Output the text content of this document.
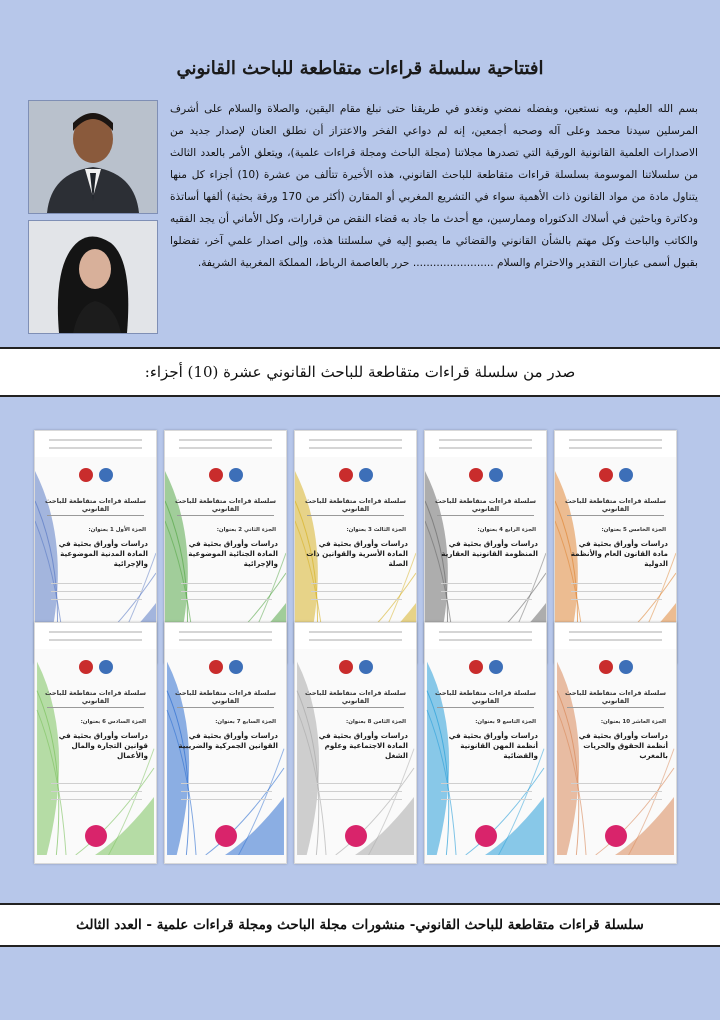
افتتاحية سلسلة قراءات متقاطعة للباحث القانوني
بسم الله العليم، وبه نستعين، وبفضله نمضي ونغدو في طريقنا حتى نبلغ مقام اليقين، والصلاة والسلام على أشرف المرسلين سيدنا محمد وعلى آله وصحبه أجمعين، إنه لم دواعي الفخر والاعتزاز أن نطلق العنان لإصدار جديد من الاصدارات العلمية القانونية الورقية التي تصدرها مجلاتنا (مجلة الباحث ومجلة قراءات علمية)، ويتعلق الأمر بالعدد الثالث من سلسلاتنا الموسومة بسلسلة قراءات متقاطعة للباحث القانوني، هذه الأخيرة تتألف من عشرة (10) أجزاء كل منها يتناول مادة من مواد القانون ذات الأهمية سواء في التشريع المغربي أو المقارن (أكثر من 170 ورقة بحثية) ألفها أساتذة ودكاترة وباحثين في أسلاك الدكتوراه وممارسين، مع أحدث ما جاد به قضاء النقض من قرارات، وكل الأماني أن يجد الفقيه والكاتب والباحث وكل مهتم بالشأن القانوني والقضائي ما يصبو إليه في سلسلتنا هذه، وإلى اصدار علمي آخر، تفضلوا بقبول أسمى عبارات التقدير والاحترام والسلام ........................ حرر بالعاصمة الرباط، المملكة المغربية الشريفة.
صدر من سلسلة قراءات متقاطعة للباحث القانوني عشرة (10) أجزاء:
سلسلة قراءات متقاطعة للباحث القانوني
الجزء الخامس 5 بعنوان:
دراسات وأوراق بحثية في مادة القانون العام والأنظمة الدولية
سلسلة قراءات متقاطعة للباحث القانوني
الجزء الرابع 4 بعنوان:
دراسات وأوراق بحثية في المنظومة القانونية العقارية
سلسلة قراءات متقاطعة للباحث القانوني
الجزء الثالث 3 بعنوان:
دراسات وأوراق بحثية في المادة الأسرية والقوانين ذات الصلة
سلسلة قراءات متقاطعة للباحث القانوني
الجزء الثاني 2 بعنوان:
دراسات وأوراق بحثية في المادة الجنائية الموضوعية والإجرائية
سلسلة قراءات متقاطعة للباحث القانوني
الجزء الأول 1 بعنوان:
دراسات وأوراق بحثية في المادة المدنية الموضوعية والإجرائية
سلسلة قراءات متقاطعة للباحث القانوني
الجزء العاشر 10 بعنوان:
دراسات وأوراق بحثية في أنظمة الحقوق والحريات بالمغرب
سلسلة قراءات متقاطعة للباحث القانوني
الجزء التاسع 9 بعنوان:
دراسات وأوراق بحثية في أنظمة المهن القانونية والقضائية
سلسلة قراءات متقاطعة للباحث القانوني
الجزء الثامن 8 بعنوان:
دراسات وأوراق بحثية في المادة الاجتماعية وعلوم الشغل
سلسلة قراءات متقاطعة للباحث القانوني
الجزء السابع 7 بعنوان:
دراسات وأوراق بحثية في القوانين الجمركية والضريبية
سلسلة قراءات متقاطعة للباحث القانوني
الجزء السادس 6 بعنوان:
دراسات وأوراق بحثية في قوانين التجارة والمال والأعمال
سلسلة قراءات متقاطعة للباحث القانوني- منشورات مجلة الباحث ومجلة قراءات علمية - العدد الثالث
